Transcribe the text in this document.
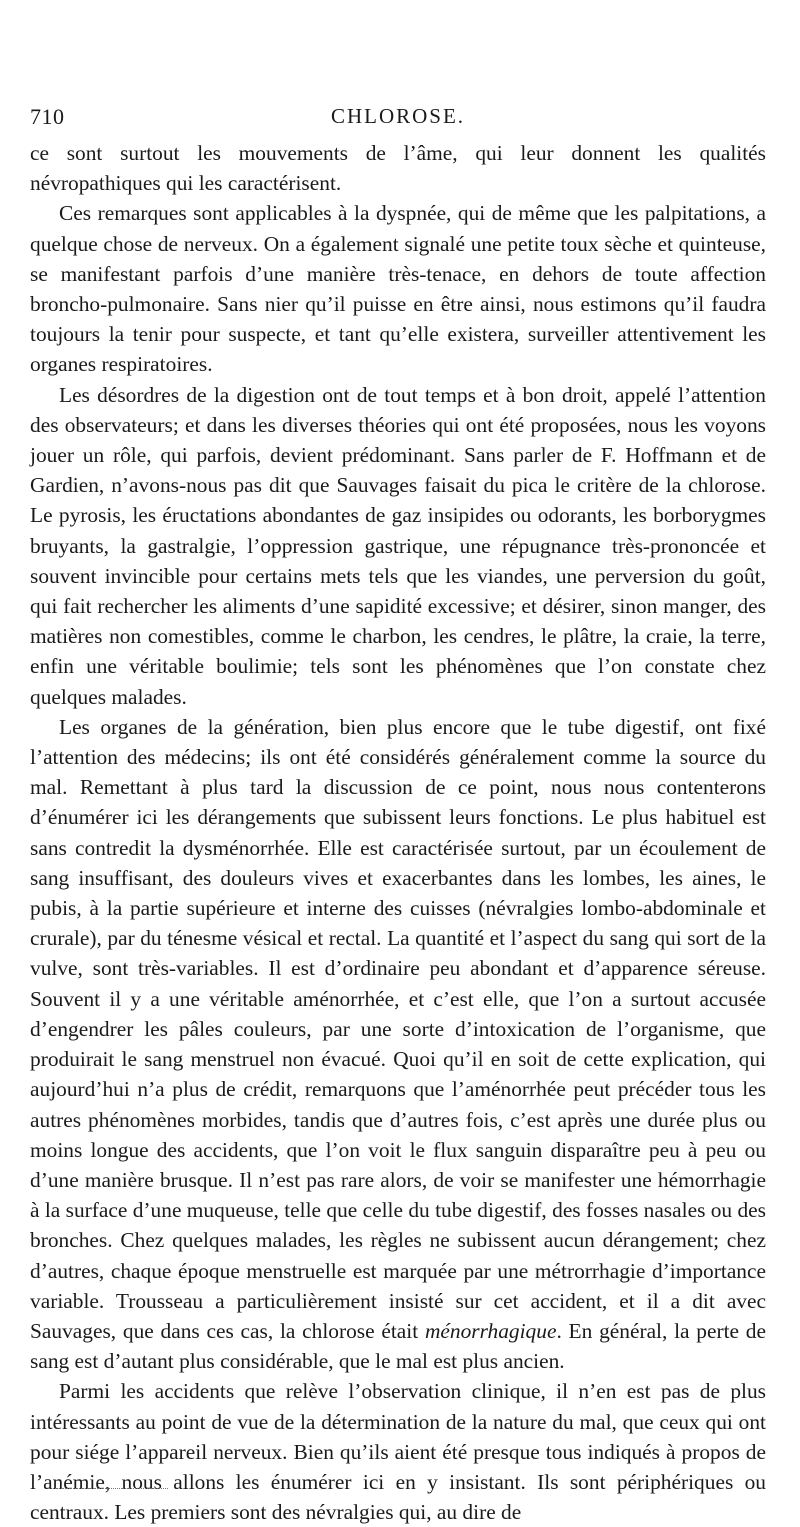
710	CHLOROSE.

ce sont surtout les mouvements de l’âme, qui leur donnent les qualités névropathiques qui les caractérisent.

Ces remarques sont applicables à la dyspnée, qui de même que les palpitations, a quelque chose de nerveux. On a également signalé une petite toux sèche et quinteuse, se manifestant parfois d’une manière très-tenace, en dehors de toute affection broncho-pulmonaire. Sans nier qu’il puisse en être ainsi, nous estimons qu’il faudra toujours la tenir pour suspecte, et tant qu’elle existera, surveiller attentivement les organes respiratoires.

Les désordres de la digestion ont de tout temps et à bon droit, appelé l’attention des observateurs; et dans les diverses théories qui ont été proposées, nous les voyons jouer un rôle, qui parfois, devient prédominant. Sans parler de F. Hoffmann et de Gardien, n’avons-nous pas dit que Sauvages faisait du pica le critère de la chlorose. Le pyrosis, les éructations abondantes de gaz insipides ou odorants, les borborygmes bruyants, la gastralgie, l’oppression gastrique, une répugnance très-prononcée et souvent invincible pour certains mets tels que les viandes, une perversion du goût, qui fait rechercher les aliments d’une sapidité excessive; et désirer, sinon manger, des matières non comestibles, comme le charbon, les cendres, le plâtre, la craie, la terre, enfin une véritable boulimie; tels sont les phénomènes que l’on constate chez quelques malades.

Les organes de la génération, bien plus encore que le tube digestif, ont fixé l’attention des médecins; ils ont été considérés généralement comme la source du mal. Remettant à plus tard la discussion de ce point, nous nous contenterons d’énumérer ici les dérangements que subissent leurs fonctions. Le plus habituel est sans contredit la dysménorrhée. Elle est caractérisée surtout, par un écoulement de sang insuffisant, des douleurs vives et exacerbantes dans les lombes, les aines, le pubis, à la partie supérieure et interne des cuisses (névralgies lombo-abdominale et crurale), par du ténesme vésical et rectal. La quantité et l’aspect du sang qui sort de la vulve, sont très-variables. Il est d’ordinaire peu abondant et d’apparence séreuse. Souvent il y a une véritable aménorrhée, et c’est elle, que l’on a surtout accusée d’engendrer les pâles couleurs, par une sorte d’intoxication de l’organisme, que produirait le sang menstruel non évacué. Quoi qu’il en soit de cette explication, qui aujourd’hui n’a plus de crédit, remarquons que l’aménorrhée peut précéder tous les autres phénomènes morbides, tandis que d’autres fois, c’est après une durée plus ou moins longue des accidents, que l’on voit le flux sanguin disparaître peu à peu ou d’une manière brusque. Il n’est pas rare alors, de voir se manifester une hémorrhagie à la surface d’une muqueuse, telle que celle du tube digestif, des fosses nasales ou des bronches. Chez quelques malades, les règles ne subissent aucun dérangement; chez d’autres, chaque époque menstruelle est marquée par une métrorrhagie d’importance variable. Trousseau a particulièrement insisté sur cet accident, et il a dit avec Sauvages, que dans ces cas, la chlorose était ménorrhagique. En général, la perte de sang est d’autant plus considérable, que le mal est plus ancien.

Parmi les accidents que relève l’observation clinique, il n’en est pas de plus intéressants au point de vue de la détermination de la nature du mal, que ceux qui ont pour siége l’appareil nerveux. Bien qu’ils aient été presque tous indiqués à propos de l’anémie, nous allons les énumérer ici en y insistant. Ils sont périphériques ou centraux. Les premiers sont des névralgies qui, au dire de
